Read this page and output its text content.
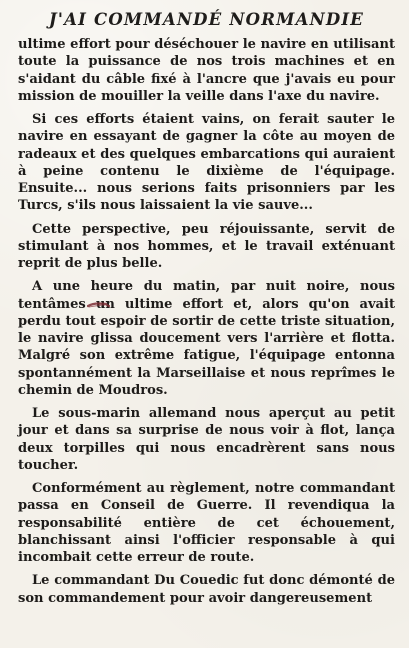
J'AI COMMANDÉ NORMANDIE

ultime effort pour déséchouer le navire en utilisant toute la puissance de nos trois machines et en s'aidant du câble fixé à l'ancre que j'avais eu pour mission de mouiller la veille dans l'axe du navire.

Si ces efforts étaient vains, on ferait sauter le navire en essayant de gagner la côte au moyen de radeaux et des quelques embarcations qui auraient à peine contenu le dixième de l'équipage. Ensuite... nous serions faits prisonniers par les Turcs, s'ils nous laissaient la vie sauve...

Cette perspective, peu réjouissante, servit de stimulant à nos hommes, et le travail exténuant reprit de plus belle.

A une heure du matin, par nuit noire, nous tentâmes un ultime effort et, alors qu'on avait perdu tout espoir de sortir de cette triste situation, le navire glissa doucement vers l'arrière et flotta. Malgré son extrême fatigue, l'équipage entonna spontannément la Marseillaise et nous reprîmes le chemin de Moudros.

Le sous-marin allemand nous aperçut au petit jour et dans sa surprise de nous voir à flot, lança deux torpilles qui nous encadrèrent sans nous toucher.

Conformément au règlement, notre commandant passa en Conseil de Guerre. Il revendiqua la responsabilité entière de cet échouement, blanchissant ainsi l'officier responsable à qui incombait cette erreur de route.

Le commandant Du Couedic fut donc démonté de son commandement pour avoir dangereusement
